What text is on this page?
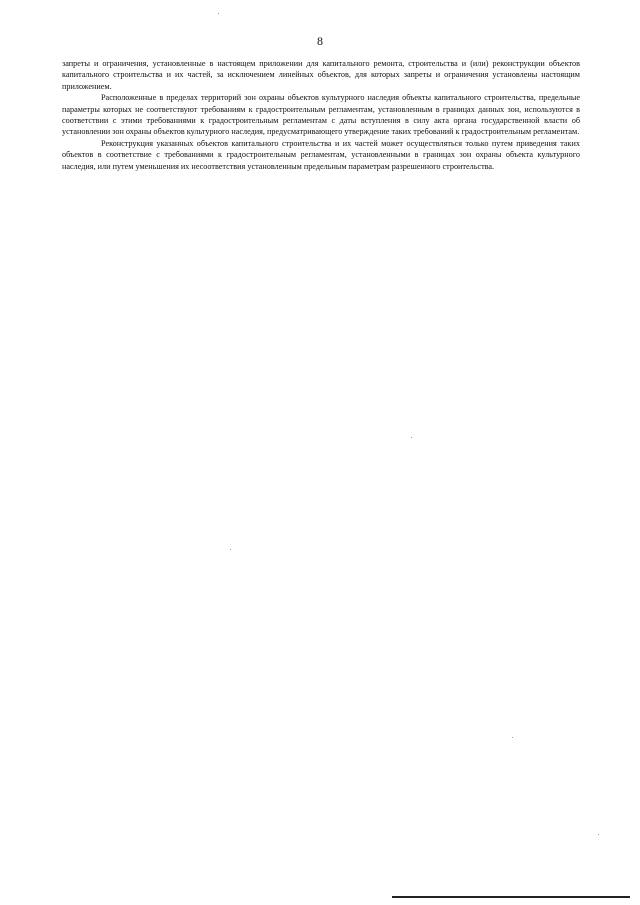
8

запреты и ограничения, установленные в настоящем приложении для капитального ремонта, строительства и (или) реконструкции объектов капитального строительства и их частей, за исключением линейных объектов, для которых запреты и ограничения установлены настоящим приложением.

Расположенные в пределах территорий зон охраны объектов культурного наследия объекты капитального строительства, предельные параметры которых не соответствуют требованиям к градостроительным регламентам, установленным в границах данных зон, используются в соответствии с этими требованиями к градостроительным регламентам с даты вступления в силу акта органа государственной власти об установлении зон охраны объектов культурного наследия, предусматривающего утверждение таких требований к градостроительным регламентам.

Реконструкция указанных объектов капитального строительства и их частей может осуществляться только путем приведения таких объектов в соответствие с требованиями к градостроительным регламентам, установленными в границах зон охраны объекта культурного наследия, или путем уменьшения их несоответствия установленным предельным параметрам разрешенного строительства.
